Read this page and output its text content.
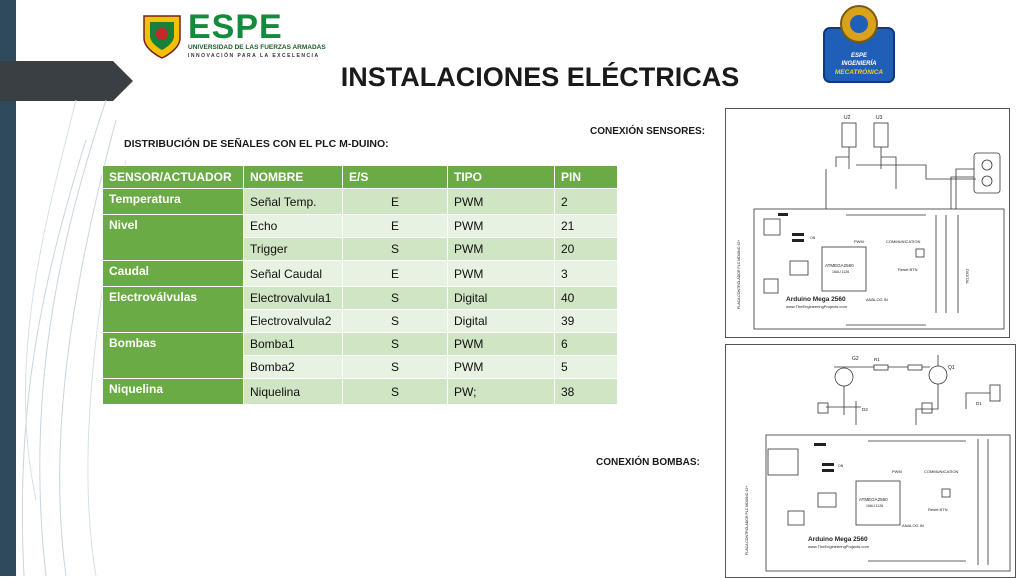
ESPE
UNIVERSIDAD DE LAS FUERZAS ARMADAS
INNOVACIÓN PARA LA EXCELENCIA	ESPE
INGENIERÍA
MECATRÓNICA
INSTALACIONES ELÉCTRICAS
DISTRIBUCIÓN DE SEÑALES CON EL PLC M-DUINO:
CONEXIÓN SENSORES:
CONEXIÓN BOMBAS:
SENSOR/ACTUADOR	NOMBRE	E/S	TIPO	PIN
Temperatura	Señal Temp.	E	PWM	2
Nivel	Echo	E	PWM	21
	Trigger	S	PWM	20
Caudal	Señal Caudal	E	PWM	3
Electroválvulas	Electrovalvula1	S	Digital	40
	Electrovalvula2	S	Digital	39
Bombas	Bomba1	S	PWM	6
	Bomba2	S	PWM	5
Niquelina	Niquelina	S	PW;	38
U2	U3
ATMEGA2560
16AU 1126
PWM	COMMUNICATION
Reset BTN
ANALOG IN
Arduino Mega 2560
www.TheEngineeringProjects.com
DIGITAL
ON
PLACA CONTROLADOR PLC MDUINO 42+
G2
Q1
R1
D1
D2
ATMEGA2560
16AU 1126
PWM	COMMUNICATION
Reset BTN
ANALOG IN
Arduino Mega 2560
www.TheEngineeringProjects.com
ON
PLACA CONTROLADOR PLC MDUINO 42+
